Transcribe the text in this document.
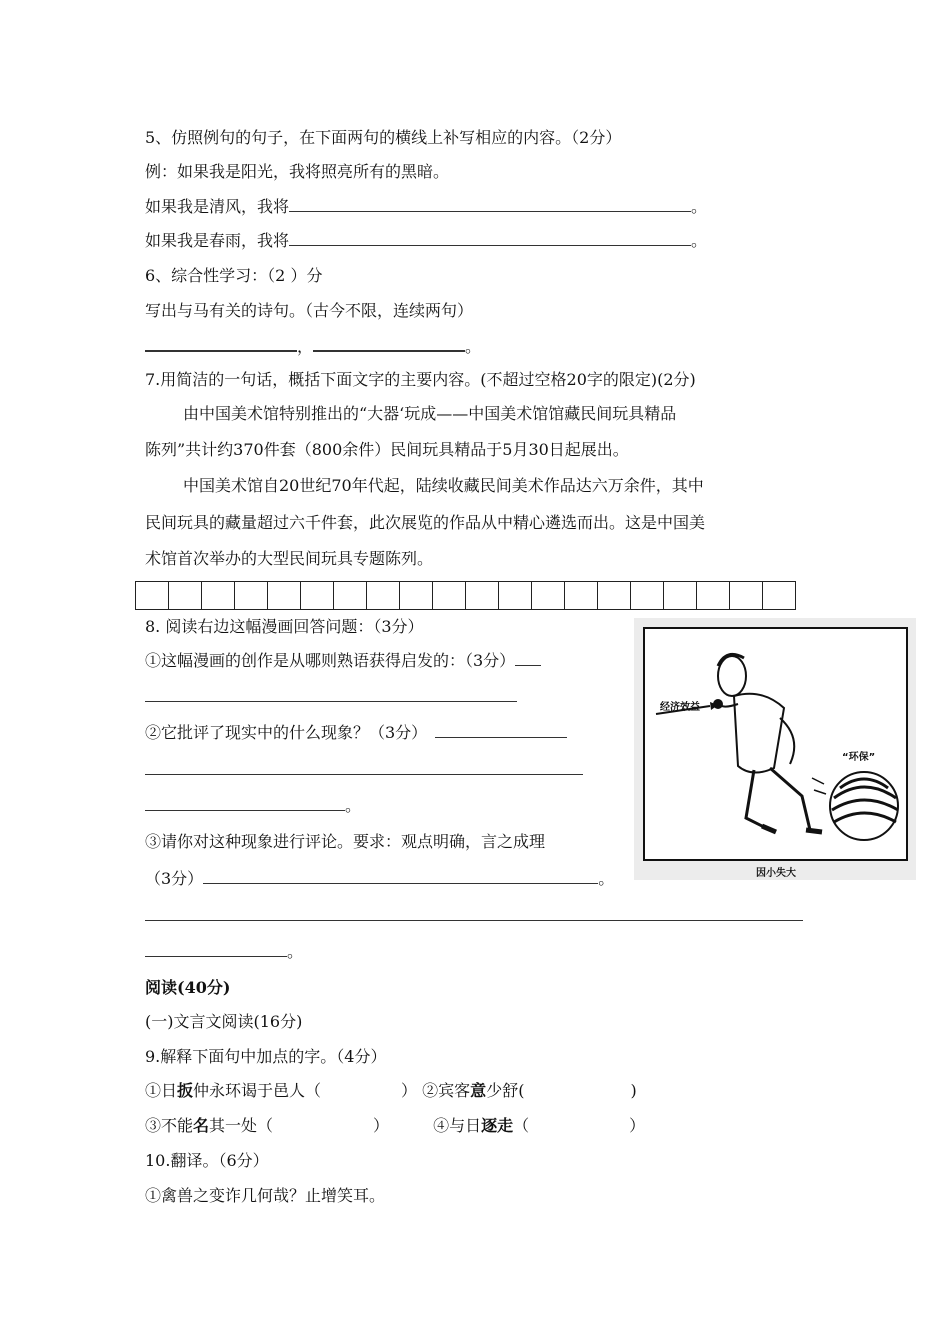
5、仿照例句的句子，在下面两句的横线上补写相应的内容。（2分）
例：如果我是阳光，我将照亮所有的黑暗。
如果我是清风，我将	。
如果我是春雨，我将	。
6、综合性学习：（2 ）分
写出与马有关的诗句。（古今不限，连续两句）
，	。
7.用简洁的一句话，概括下面文字的主要内容。(不超过空格20字的限定)(2分)
由中国美术馆特别推出的“大器‘玩成——中国美术馆馆藏民间玩具精品
陈列”共计约370件套（800余件）民间玩具精品于5月30日起展出。
中国美术馆自20世纪70年代起，陆续收藏民间美术作品达六万余件，其中
民间玩具的藏量超过六千件套，此次展览的作品从中精心遴选而出。这是中国美
术馆首次举办的大型民间玩具专题陈列。
8. 阅读右边这幅漫画回答问题：（3分）
①这幅漫画的创作是从哪则熟语获得启发的：（3分）
②它批评了现实中的什么现象？（3分）
。
③请你对这种现象进行评论。要求：观点明确，言之成理
（3分）	。
。
经济效益
“环保”
因小失大
阅读(40分)
(一)文言文阅读(16分)
9.解释下面句中加点的字。（4分）
①日扳仲永环谒于邑人（	） ②宾客意少舒(	)
③不能名其一处（	）	④与日逐走（	）
10.翻译。（6分）
①禽兽之变诈几何哉？止增笑耳。
